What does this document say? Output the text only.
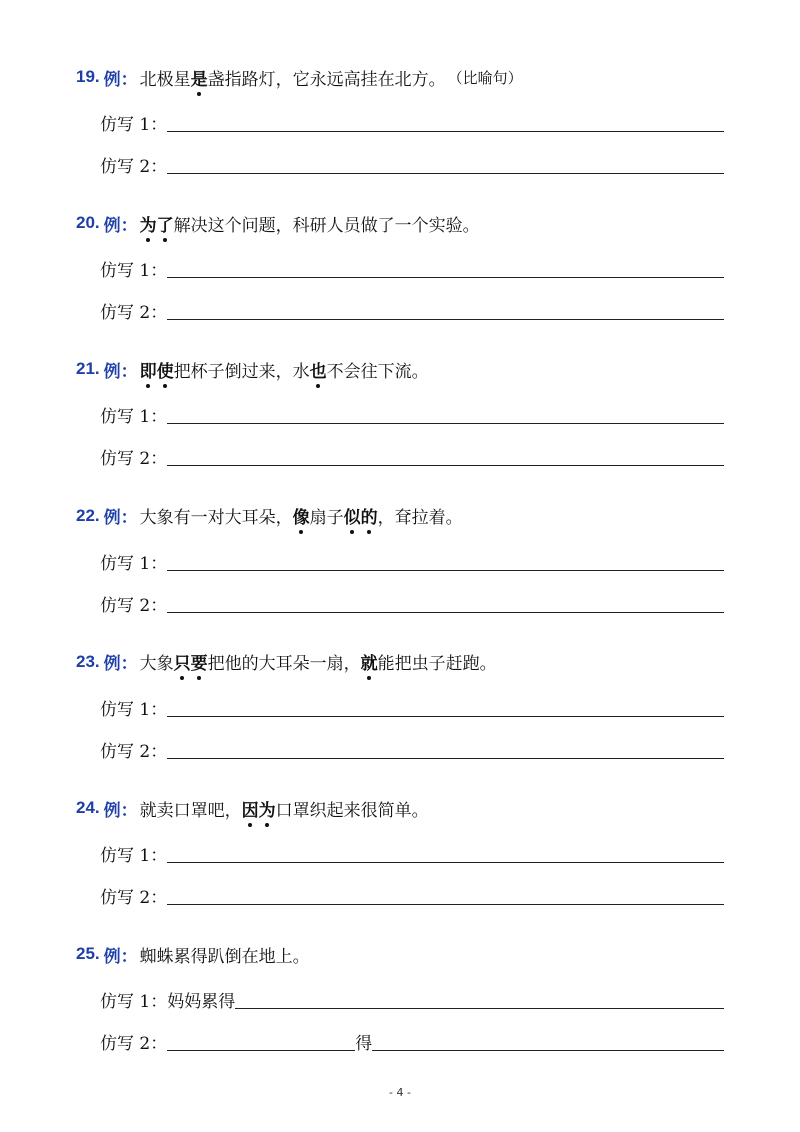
19. 例： 北极星 是 盏指路灯，它永远高挂在北方。 （比喻句）
仿写 1：
仿写 2：
20. 例： 为 了 解决这个问题，科研人员做了一个实验。
仿写 1：
仿写 2：
21. 例： 即 使 把杯子倒过来，水 也 不会往下流。
仿写 1：
仿写 2：
22. 例： 大象有一对大耳朵， 像 扇子 似 的 ，耷拉着。
仿写 1：
仿写 2：
23. 例： 大象 只 要 把他的大耳朵一扇， 就 能把虫子赶跑。
仿写 1：
仿写 2：
24. 例： 就卖口罩吧， 因 为 口罩织起来很简单。
仿写 1：
仿写 2：
25. 例： 蜘蛛累得趴倒在地上。
仿写 1： 妈妈累得
仿写 2：	得
- 4 -
